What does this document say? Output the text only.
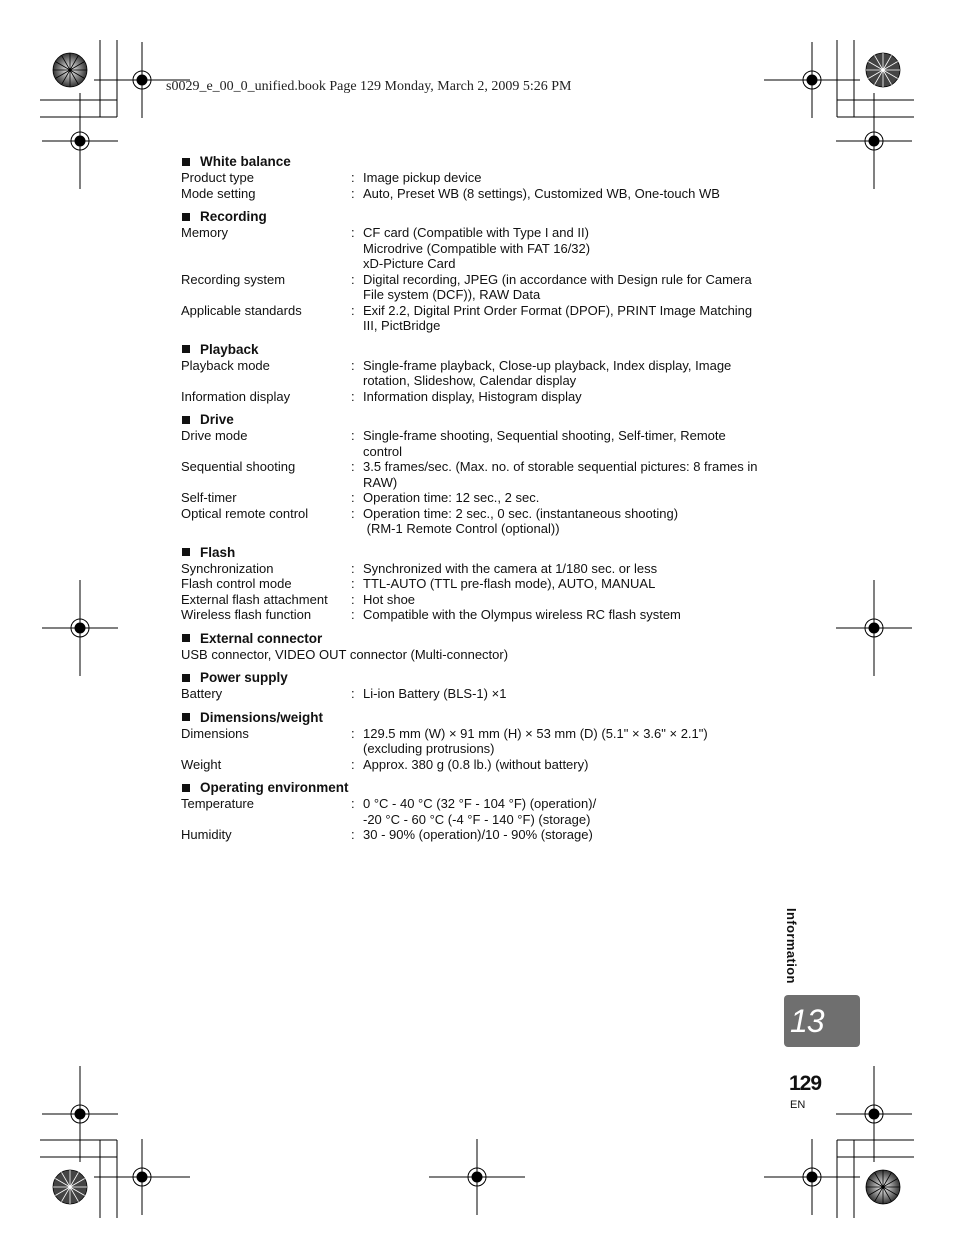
s0029_e_00_0_unified.book Page 129 Monday, March 2, 2009 5:26 PM
White balance
Product type	: Image pickup device
Mode setting	: Auto, Preset WB (8 settings), Customized WB, One-touch WB
Recording
Memory	: CF card (Compatible with Type I and II)
Microdrive (Compatible with FAT 16/32)
xD-Picture Card
Recording system	: Digital recording, JPEG (in accordance with Design rule for Camera
File system (DCF)), RAW Data
Applicable standards	: Exif 2.2, Digital Print Order Format (DPOF), PRINT Image Matching
III, PictBridge
Playback
Playback mode	: Single-frame playback, Close-up playback, Index display, Image
rotation, Slideshow, Calendar display
Information display	: Information display, Histogram display
Drive
Drive mode	: Single-frame shooting, Sequential shooting, Self-timer, Remote
control
Sequential shooting	: 3.5 frames/sec. (Max. no. of storable sequential pictures: 8 frames in
RAW)
Self-timer	: Operation time: 12 sec., 2 sec.
Optical remote control	: Operation time: 2 sec., 0 sec. (instantaneous shooting)
(RM-1 Remote Control (optional))
Flash
Synchronization	: Synchronized with the camera at 1/180 sec. or less
Flash control mode	: TTL-AUTO (TTL pre-flash mode), AUTO, MANUAL
External flash attachment	: Hot shoe
Wireless flash function	: Compatible with the Olympus wireless RC flash system
External connector
USB connector, VIDEO OUT connector (Multi-connector)
Power supply
Battery	: Li-ion Battery (BLS-1) ×1
Dimensions/weight
Dimensions	: 129.5 mm (W) × 91 mm (H) × 53 mm (D) (5.1" × 3.6" × 2.1")
(excluding protrusions)
Weight	: Approx. 380 g (0.8 lb.) (without battery)
Operating environment
Temperature	: 0 °C - 40 °C (32 °F - 104 °F) (operation)/
-20 °C - 60 °C (-4 °F - 140 °F) (storage)
Humidity	: 30 - 90% (operation)/10 - 90% (storage)
Information
13
129
EN
